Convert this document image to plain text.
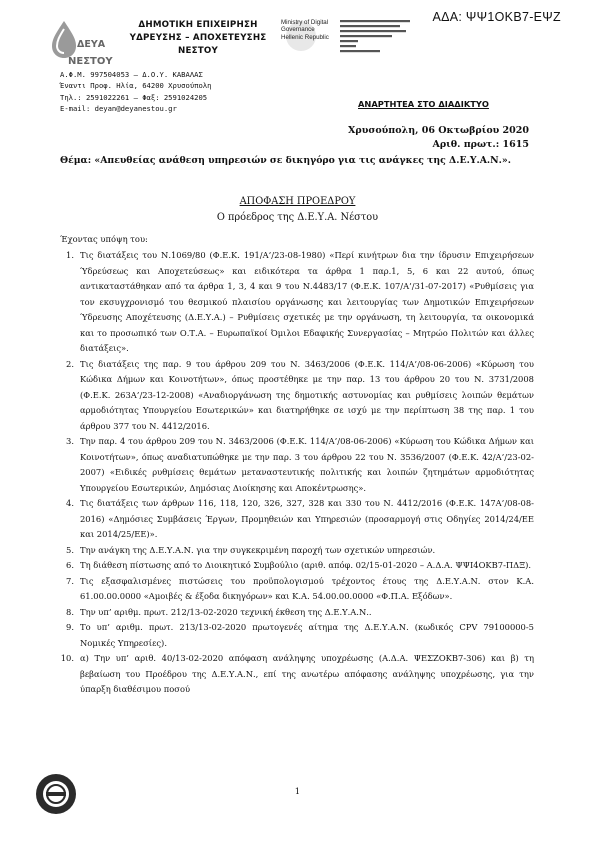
ΑΔΑ: ΨΨ1ΟΚΒ7-ΕΨΖ
ΔΕΥΑ
ΝΕΣΤΟΥ
ΔΗΜΟΤΙΚΗ ΕΠΙΧΕΙΡΗΣΗ
ΥΔΡΕΥΣΗΣ – ΑΠΟΧΕΤΕΥΣΗΣ
ΝΕΣΤΟΥ
Ministry of Digital
Governance
Hellenic Republic
Α.Φ.Μ. 997504053 – Δ.Ο.Υ. ΚΑΒΑΛΑΣ
Έναντι Προφ. Ηλία, 64200 Χρυσούπολη
Τηλ.: 2591022261 – Φαξ: 2591024205
E-mail: deyan@deyanestou.gr	ΑΝΑΡΤΗΤΕΑ ΣΤΟ ΔΙΑΔΙΚΤΥΟ
Χρυσούπολη, 06 Οκτωβρίου 2020
Αριθ. πρωτ.: 1615
Θέμα: «Απευθείας ανάθεση υπηρεσιών σε δικηγόρο για τις ανάγκες της Δ.Ε.Υ.Α.Ν.».
ΑΠΟΦΑΣΗ ΠΡΟΕΔΡΟΥ
Ο πρόεδρος της Δ.Ε.Υ.Α. Νέστου
Έχοντας υπόψη του:
1. Τις διατάξεις του Ν.1069/80 (Φ.Ε.Κ. 191/Α’/23-08-1980) «Περί κινήτρων δια την ίδρυσιν Επιχειρήσεων Ύδρεύσεως και Αποχετεύσεως» και ειδικότερα τα άρθρα 1 παρ.1, 5, 6 και 22 αυτού, όπως αντικαταστάθηκαν από τα άρθρα 1, 3, 4 και 9 του Ν.4483/17 (Φ.Ε.Κ. 107/Α’/31-07-2017) «Ρυθμίσεις για τον εκσυγχρονισμό του θεσμικού πλαισίου οργάνωσης και λειτουργίας των Δημοτικών Επιχειρήσεων Ύδρευσης Αποχέτευσης (Δ.Ε.Υ.Α.) – Ρυθμίσεις σχετικές με την οργάνωση, τη λειτουργία, τα οικονομικά και το προσωπικό των Ο.Τ.Α. – Ευρωπαϊκοί Όμιλοι Εδαφικής Συνεργασίας – Μητρώο Πολιτών και άλλες διατάξεις».
2. Τις διατάξεις της παρ. 9 του άρθρου 209 του Ν. 3463/2006 (Φ.Ε.Κ. 114/Α’/08-06-2006) «Κύρωση του Κώδικα Δήμων και Κοινοτήτων», όπως προστέθηκε με την παρ. 13 του άρθρου 20 του Ν. 3731/2008 (Φ.Ε.Κ. 263Α’/23-12-2008) «Αναδιοργάνωση της δημοτικής αστυνομίας και ρυθμίσεις λοιπών θεμάτων αρμοδιότητας Υπουργείου Εσωτερικών» και διατηρήθηκε σε ισχύ με την περίπτωση 38 της παρ. 1 του άρθρου 377 του Ν. 4412/2016.
3. Την παρ. 4 του άρθρου 209 του Ν. 3463/2006 (Φ.Ε.Κ. 114/Α’/08-06-2006) «Κύρωση του Κώδικα Δήμων και Κοινοτήτων», όπως αναδιατυπώθηκε με την παρ. 3 του άρθρου 22 του Ν. 3536/2007 (Φ.Ε.Κ. 42/Α’/23-02-2007) «Ειδικές ρυθμίσεις θεμάτων μεταναστευτικής πολιτικής και λοιπών ζητημάτων αρμοδιότητας Υπουργείου Εσωτερικών, Δημόσιας Διοίκησης και Αποκέντρωσης».
4. Τις διατάξεις των άρθρων 116, 118, 120, 326, 327, 328 και 330 του Ν. 4412/2016 (Φ.Ε.Κ. 147Α’/08-08-2016) «Δημόσιες Συμβάσεις Έργων, Προμηθειών και Υπηρεσιών (προσαρμογή στις Οδηγίες 2014/24/ΕΕ και 2014/25/ΕΕ)».
5. Την ανάγκη της Δ.Ε.Υ.Α.Ν. για την συγκεκριμένη παροχή των σχετικών υπηρεσιών.
6. Τη διάθεση πίστωσης από το Διοικητικό Συμβούλιο (αριθ. απόφ. 02/15-01-2020 – Α.Δ.Α. ΨΨΙ4ΟΚΒ7-ΠΔΞ).
7. Τις εξασφαλισμένες πιστώσεις του προϋπολογισμού τρέχοντος έτους της Δ.Ε.Υ.Α.Ν. στον Κ.Α. 61.00.00.0000 «Αμοιβές & έξοδα δικηγόρων» και Κ.Α. 54.00.00.0000 «Φ.Π.Α. Εξόδων».
8. Την υπ’ αριθμ. πρωτ. 212/13-02-2020 τεχνική έκθεση της Δ.Ε.Υ.Α.Ν..
9. Το υπ’ αριθμ. πρωτ. 213/13-02-2020 πρωτογενές αίτημα της Δ.Ε.Υ.Α.Ν. (κωδικός CPV 79100000-5 Νομικές Υπηρεσίες).
10. α) Την υπ’ αριθ. 40/13-02-2020 απόφαση ανάληψης υποχρέωσης (Α.Δ.Α. ΨΕΣΖΟΚΒ7-306) και β) τη βεβαίωση του Προέδρου της Δ.Ε.Υ.Α.Ν., επί της ανωτέρω απόφασης ανάληψης υποχρέωσης, για την ύπαρξη διαθέσιμου ποσού
1
